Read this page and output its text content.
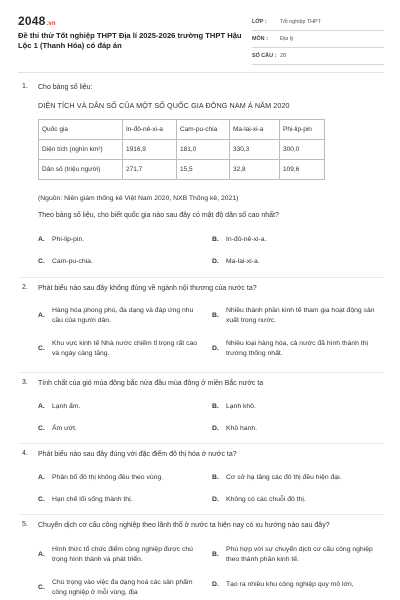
2048.vn
Đề thi thử Tốt nghiệp THPT Địa lí 2025-2026 trường THPT Hậu Lộc 1 (Thanh Hóa) có đáp án
LỚP :	Tốt nghiệp THPT
MÔN :	Địa lý
SỐ CÂU : 28
1. Cho bảng số liệu:
DIỆN TÍCH VÀ DÂN SỐ CỦA MỘT SỐ QUỐC GIA ĐÔNG NAM Á NĂM 2020
Quốc gia	In-đô-nê-xi-a	Cam-pu-chia	Ma-lai-xi-a	Phi-lip-pin
Diện tích (nghìn km²)	1916,9	181,0	330,3	300,0
Dân số (triệu người)	271,7	15,5	32,8	109,6
(Nguồn: Niên giám thống kê Việt Nam 2020, NXB Thống kê, 2021)
Theo bảng số liệu, cho biết quốc gia nào sau đây có mật độ dân số cao nhất?
A.	Phi-lip-pin.	B.	In-đô-nê-xi-a.
C.	Cam-pu-chia.	D.	Ma-lai-xi-a.
2. Phát biểu nào sau đây không đúng về ngành nội thương của nước ta?
A.
Hàng hóa phong phú, đa dạng và đáp ứng nhu cầu của người dân.
B.
Nhiều thành phần kinh tế tham gia hoạt động sản xuất trong nước.
C.
Khu vực kinh tế Nhà nước chiếm tỉ trọng rất cao và ngày càng tăng.
D.
Nhiều loại hàng hóa, cả nước đã hình thành thị trường thống nhất.
3. Tính chất của gió mùa đông bắc nửa đầu mùa đông ở miền Bắc nước ta
A.	Lạnh ẩm.	B.	Lạnh khô.
C.	Ấm ướt.	D.	Khô hanh.
4. Phát biểu nào sau đây đúng với đặc điểm đô thị hóa ở nước ta?
A.	Phân bố đô thị không đều theo vùng.	B.	Cơ sở hạ tầng các đô thị đều hiện đại.
C.	Hạn chế lối sống thành thị.	D.	Không có các chuỗi đô thị.
5. Chuyển dịch cơ cấu công nghiệp theo lãnh thổ ở nước ta hiện nay có xu hướng nào sau đây?
A.
Hình thức tổ chức điểm công nghiệp được chú trọng hình thành và phát triển.
B.
Phù hợp với sự chuyển dịch cơ cấu công nghiệp theo thành phần kinh tế.
C.
Chú trọng vào việc đa dạng hoá các sản phẩm công nghiệp ở mỗi vùng, địa
D.	Tạo ra nhiều khu công nghiệp quy mô lớn,
